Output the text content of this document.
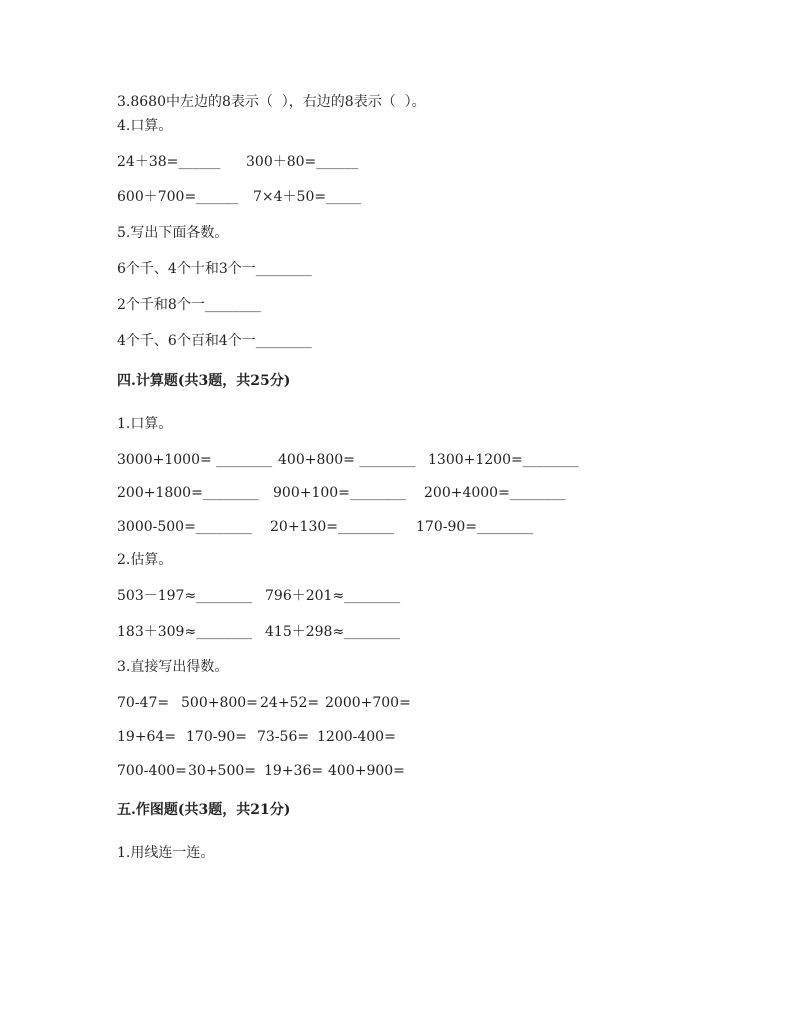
3.8680中左边的8表示（  ），右边的8表示（  ）。
4.口算。
24＋38=______ 300＋80=______
600＋700=______ 7×4＋50=_____
5.写出下面各数。
6个千、4个十和3个一________
2个千和8个一________
4个千、6个百和4个一________
四.计算题(共3题，共25分)
1.口算。
3000+1000= ________ 400+800= ________ 1300+1200=________
200+1800=________ 900+100=________ 200+4000=________
3000-500=________ 20+130=________ 170-90=________
2.估算。
503－197≈________ 796＋201≈________
183＋309≈________ 415＋298≈________
3.直接写出得数。
70-47= 500+800= 24+52= 2000+700=
19+64= 170-90= 73-56= 1200-400=
700-400= 30+500= 19+36= 400+900=
五.作图题(共3题，共21分)
1.用线连一连。
